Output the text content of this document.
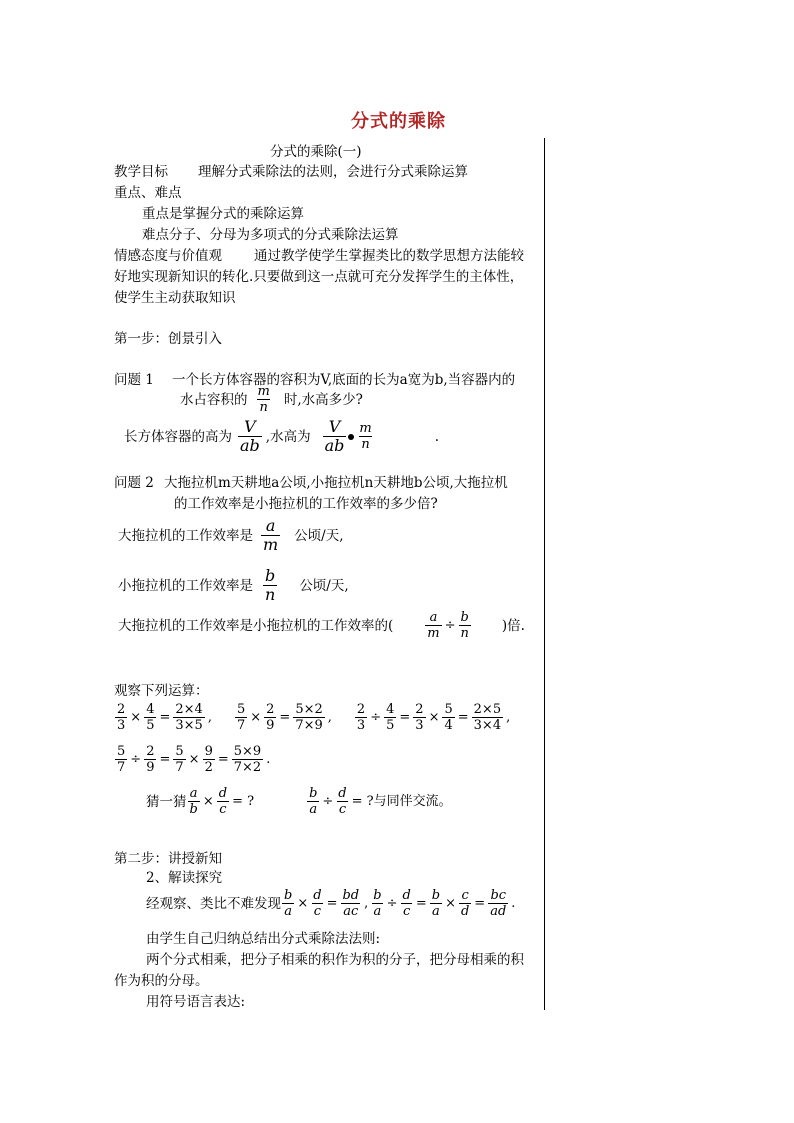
分式的乘除
分式的乘除(一)
教学目标 理解分式乘除法的法则，会进行分式乘除运算
重点、难点
重点是掌握分式的乘除运算
难点分子、分母为多项式的分式乘除法运算
情感态度与价值观 通过教学使学生掌握类比的数学思想方法能较
好地实现新知识的转化.只要做到这一点就可充分发挥学生的主体性，
使学生主动获取知识
第一步：创景引入
问题 1 一个长方体容器的容积为V,底面的长为a宽为b,当容器内的
水占容积的 $\frac{m}{n}$ 时,水高多少?
长方体容器的高为 $\frac{V}{ab}$ ,水高为 $\frac{V}{ab} \frac{m}{n}$	.
问题 2 大拖拉机m天耕地a公顷,小拖拉机n天耕地b公顷,大拖拉机
的工作效率是小拖拉机的工作效率的多少倍?
大拖拉机的工作效率是 $\frac{a}{m}$ 公顷/天,
小拖拉机的工作效率是 $\frac{b}{n}$ 公顷/天,
大拖拉机的工作效率是小拖拉机的工作效率的( $\frac{a}{m} \div \frac{b}{n}$ )倍.
观察下列运算：
$\frac{2}{3} \times \frac{4}{5} = \frac{2\times 4}{3\times 5}$ , $\frac{5}{7} \times \frac{2}{9} = \frac{5\times 2}{7\times 9}$ , $\frac{2}{3} \div \frac{4}{5} = \frac{2}{3} \times \frac{5}{4} = \frac{2\times 5}{3\times 4}$ ,
$\frac{5}{7} \div \frac{2}{9} = \frac{5}{7} \times \frac{9}{2} = \frac{5\times 9}{7\times 2}$ .
猜一猜 $\frac{a}{b} \times \frac{d}{c}$ = ?	$\frac{b}{a} \div \frac{d}{c}$ = ?与同伴交流。
第二步：讲授新知
2、解读探究
经观察、类比不难发现 $\frac{b}{a} \times \frac{d}{c} = \frac{bd}{ac}$ , $\frac{b}{a} \div \frac{d}{c} = \frac{b}{a} \times \frac{c}{d} = \frac{bc}{ad}$ .
由学生自己归纳总结出分式乘除法法则:
两个分式相乘，把分子相乘的积作为积的分子，把分母相乘的积
作为积的分母。
用符号语言表达:
